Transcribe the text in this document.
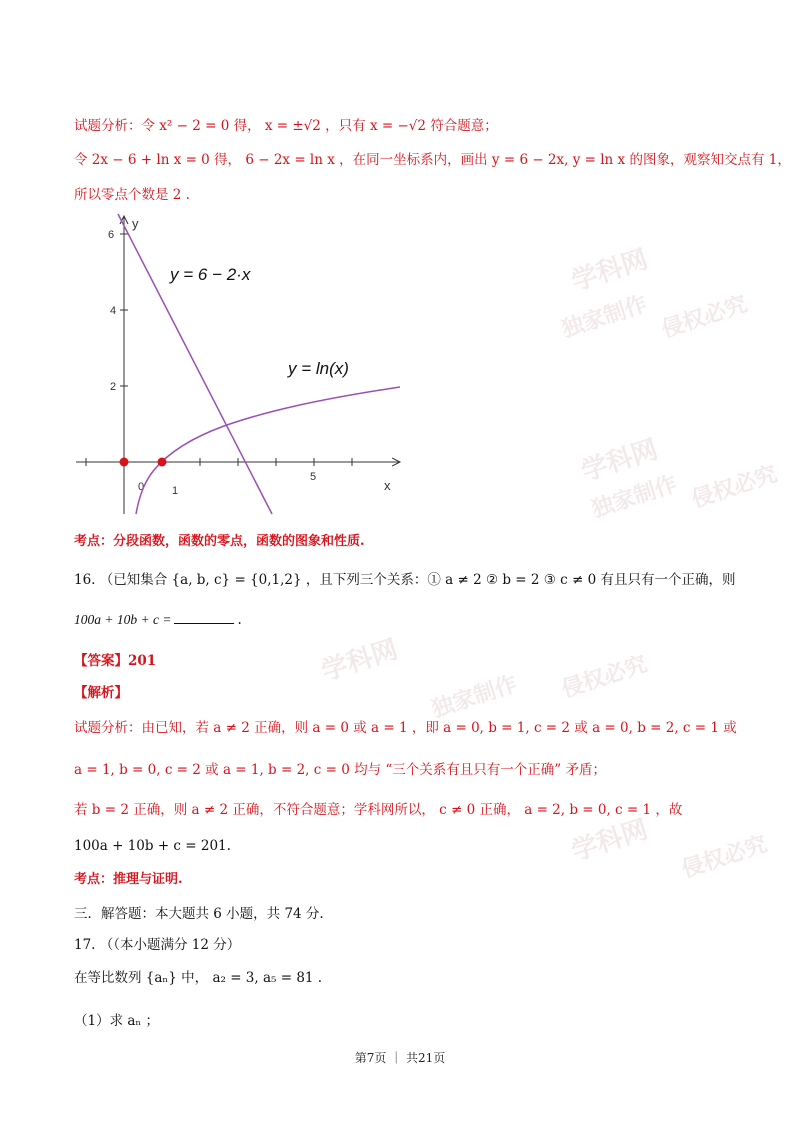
学科网
独家制作 侵权必究
学科网
独家制作 侵权必究
学科网
独家制作 侵权必究
学科网 侵权必究
试题分析：令 x² − 2 = 0 得， x = ±√2 ，只有 x = −√2 符合题意；
令 2x − 6 + ln x = 0 得， 6 − 2x = ln x ，在同一坐标系内，画出 y = 6 − 2x, y = ln x 的图象，观察知交点有 1，
所以零点个数是 2 .
6
4
2
0	1
5
y
x
y = 6 − 2·x
y = ln(x)
考点：分段函数，函数的零点，函数的图象和性质.
16. （已知集合 {a, b, c} = {0,1,2} ，且下列三个关系：① a ≠ 2 ② b = 2 ③ c ≠ 0 有且只有一个正确，则
100a + 10b + c =	.
【答案】201
【解析】
试题分析：由已知，若 a ≠ 2 正确，则 a = 0 或 a = 1 ，即 a = 0, b = 1, c = 2 或 a = 0, b = 2, c = 1 或
a = 1, b = 0, c = 2 或 a = 1, b = 2, c = 0 均与 “三个关系有且只有一个正确” 矛盾；
若 b = 2 正确，则 a ≠ 2 正确，不符合题意；学科网所以， c ≠ 0 正确， a = 2, b = 0, c = 1 ，故
100a + 10b + c = 201.
考点：推理与证明.
三．解答题：本大题共 6 小题，共 74 分.
17. （（本小题满分 12 分）
在等比数列 {aₙ} 中， a₂ = 3, a₅ = 81 .
（1）求 aₙ ；
第7页 ｜ 共21页
